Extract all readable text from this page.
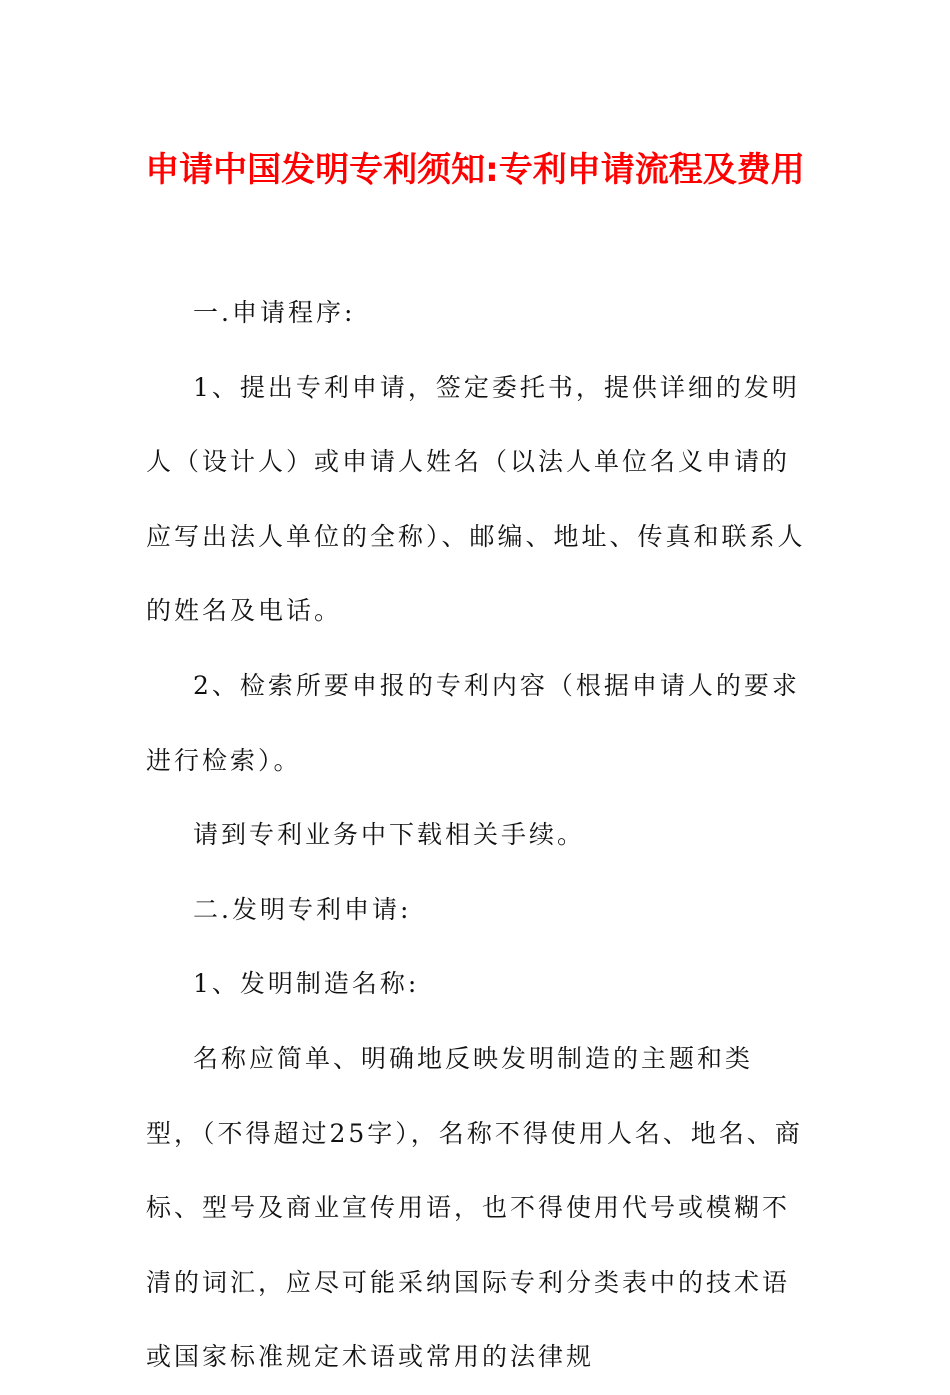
申请中国发明专利须知:专利申请流程及费用

一.申请程序:

1、提出专利申请，签定委托书，提供详细的发明人（设计人）或申请人姓名（以法人单位名义申请的应写出法人单位的全称）、邮编、地址、传真和联系人的姓名及电话。

2、检索所要申报的专利内容（根据申请人的要求进行检索）。

请到专利业务中下载相关手续。

二.发明专利申请:

1、发明制造名称:

名称应简单、明确地反映发明制造的主题和类型，（不得超过25字），名称不得使用人名、地名、商标、型号及商业宣传用语，也不得使用代号或模糊不清的词汇，应尽可能采纳国际专利分类表中的技术语或国家标准规定术语或常用的法律规
